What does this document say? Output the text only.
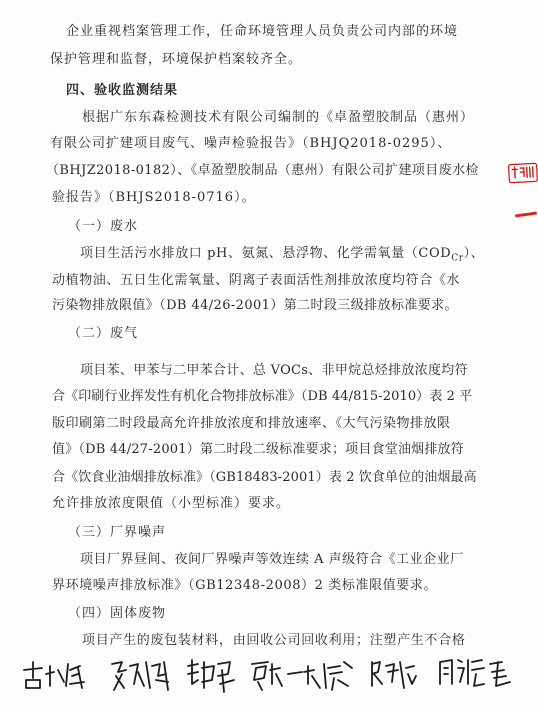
企业重视档案管理工作，任命环境管理人员负责公司内部的环境
保护管理和监督，环境保护档案较齐全。
四、验收监测结果
根据广东东森检测技术有限公司编制的《卓盈塑胶制品（惠州）
有限公司扩建项目废气、噪声检验报告》（BHJQ2018-0295）、
（BHJZ2018-0182）、《卓盈塑胶制品（惠州）有限公司扩建项目废水检
验报告》（BHJS2018-0716）。
（一）废水
项目生活污水排放口 pH、氨氮、悬浮物、化学需氧量$(COD_{Cr})$、
动植物油、五日生化需氧量、阴离子表面活性剂排放浓度均符合《水
污染物排放限值》（DB 44/26-2001）第二时段三级排放标准要求。
（二）废气
项目苯、甲苯与二甲苯合计、总 VOCs、非甲烷总烃排放浓度均符
合《印刷行业挥发性有机化合物排放标准》（DB 44/815-2010）表 2 平
版印刷第二时段最高允许排放浓度和排放速率、《大气污染物排放限
值》（DB 44/27-2001）第二时段二级标准要求；项目食堂油烟排放符
合《饮食业油烟排放标准》（GB18483-2001）表 2 饮食单位的油烟最高
允许排放浓度限值（小型标准）要求。
（三）厂界噪声
项目厂界昼间、夜间厂界噪声等效连续 A 声级符合《工业企业厂
界环境噪声排放标准》（GB12348-2008）2 类标准限值要求。
（四）固体废物
项目产生的废包装材料，由回收公司回收利用；注塑产生不合格
